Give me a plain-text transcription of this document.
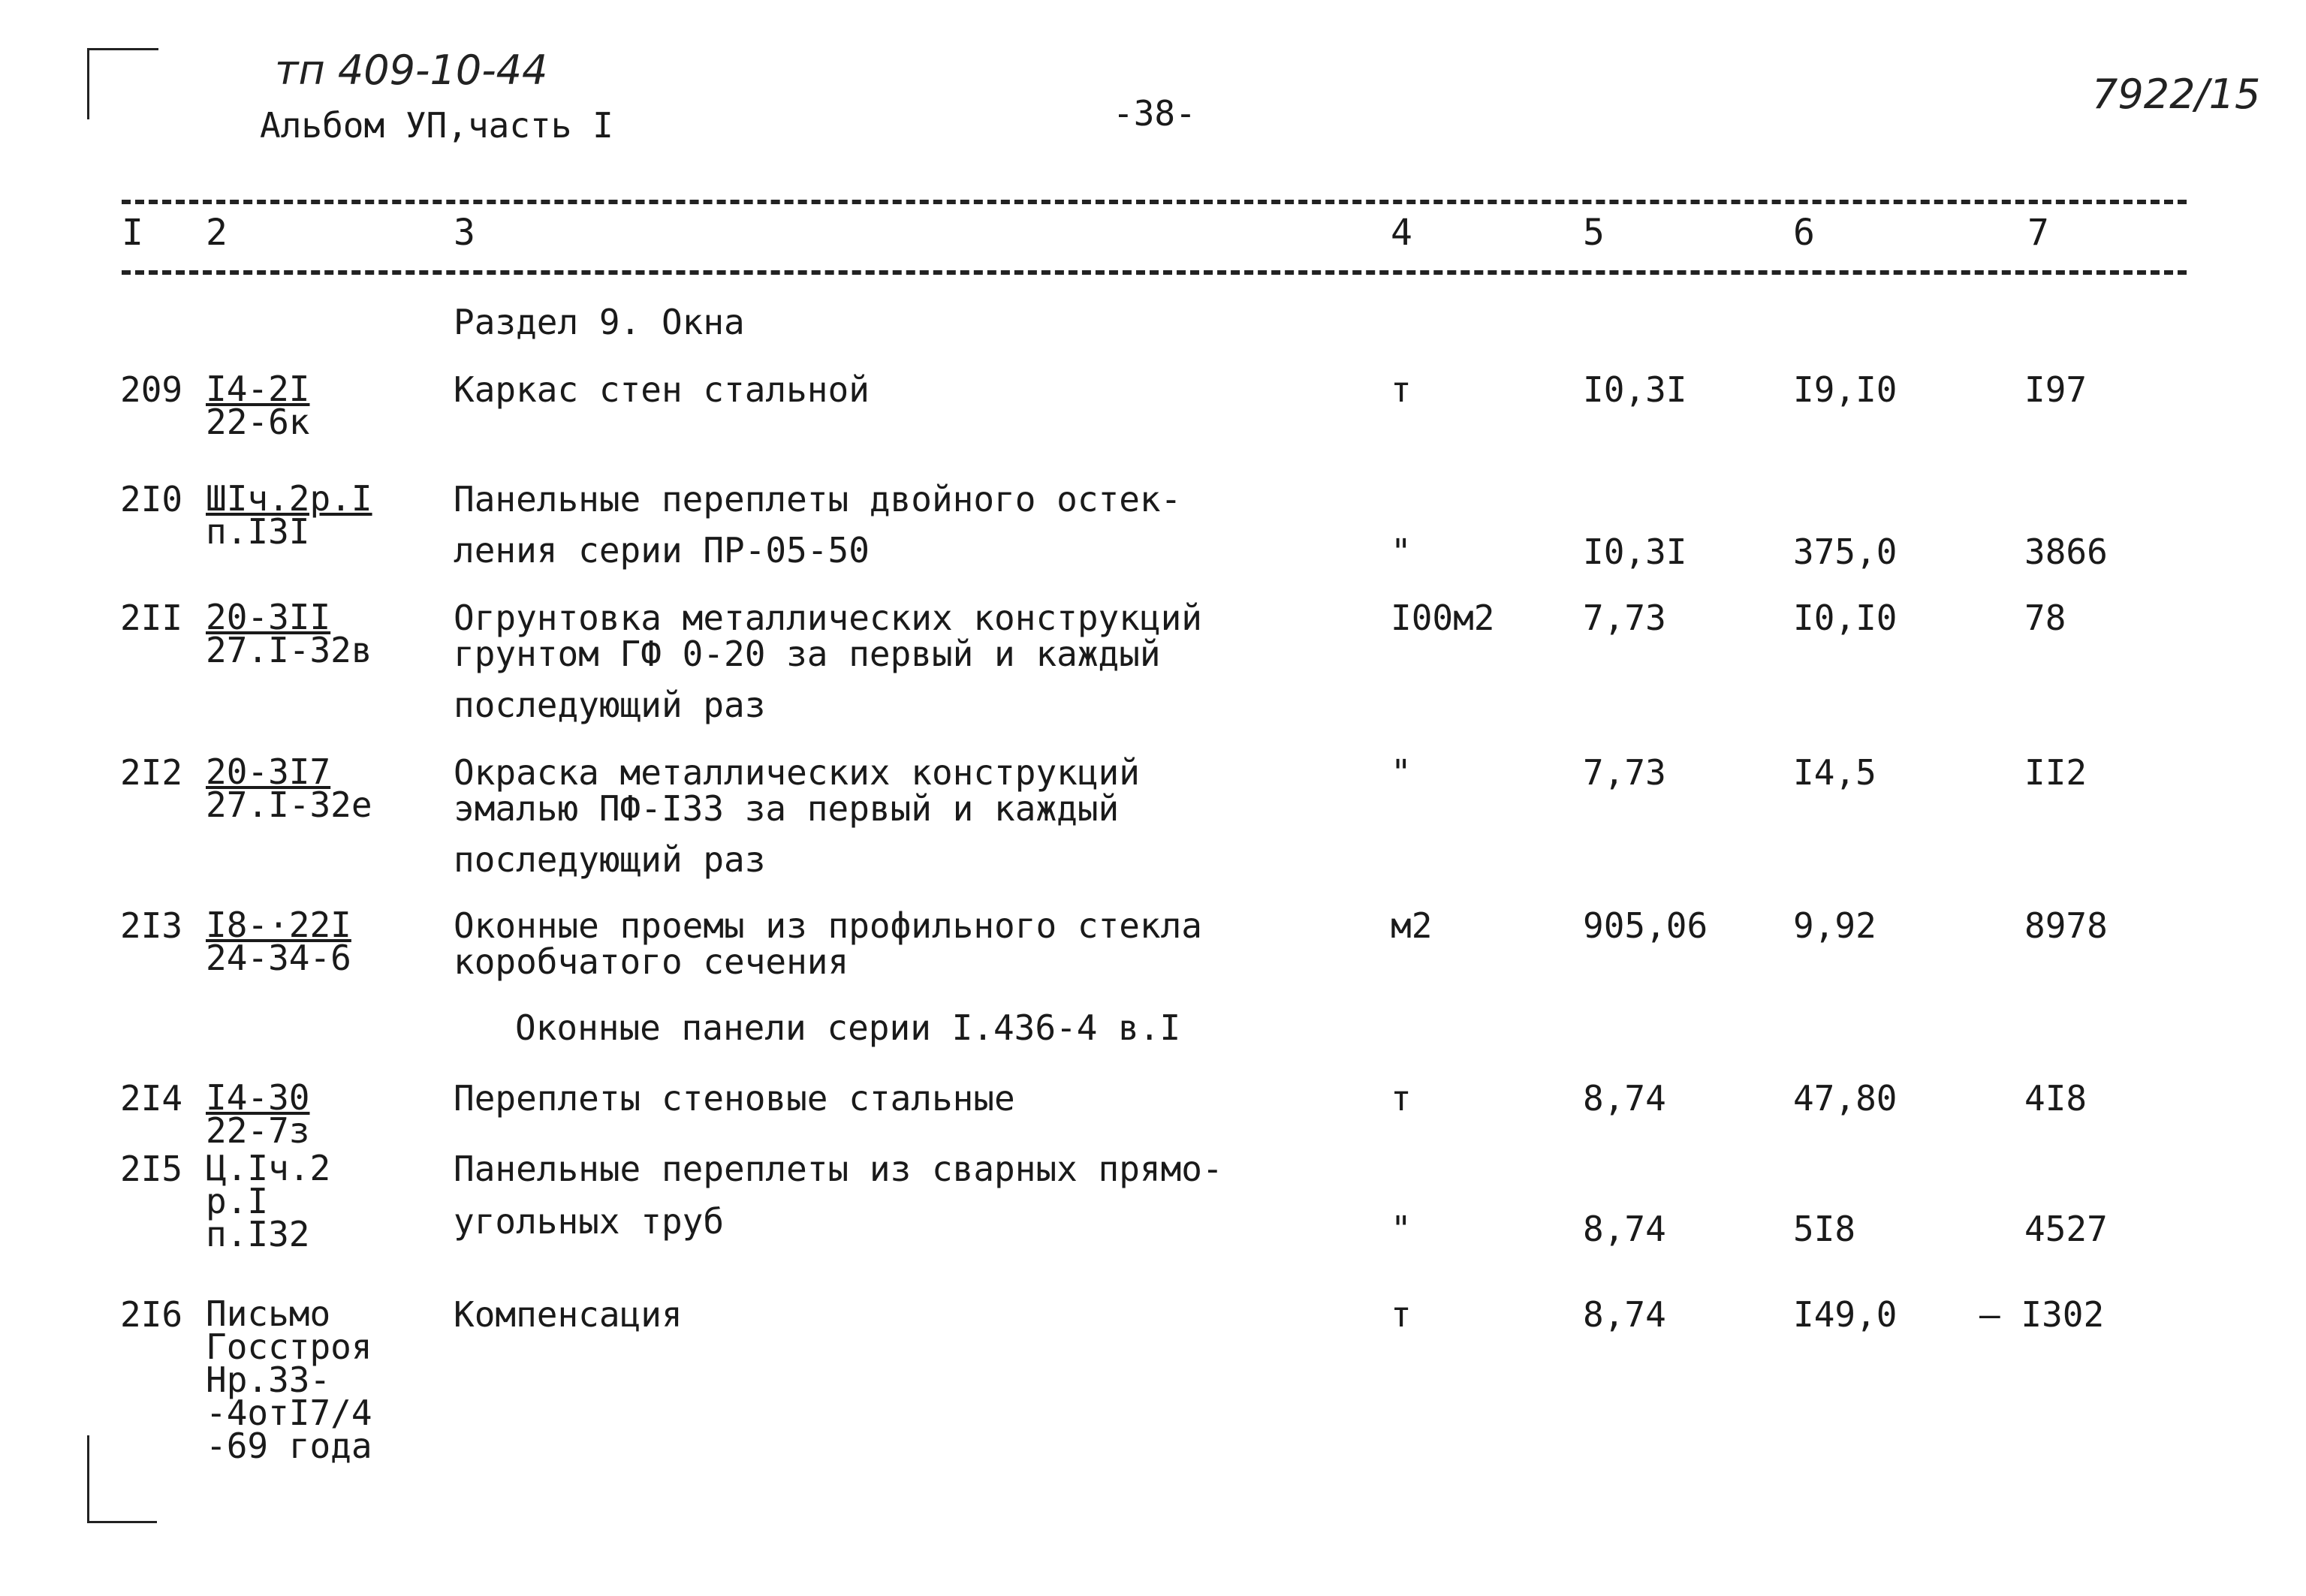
тп 409-10-44
Альбом УП,часть I	-38-	7922/15
I 2	3	4	5	6	7
Раздел 9. Окна
Оконные панели серии I.436-4 в.I
209 I4-2I
22-6к
Каркас стен стальной	т	I0,3I	I9,I0	I97
2I0 ШIч.2р.I
п.I3I
Панельные переплеты двойного остек-
ления серии ПР-05-50	"	I0,3I	375,0	3866
2II 20-3II
27.I-32в
Огрунтовка металлических конструкций
грунтом ГФ 0-20 за первый и каждый
последующий раз
I00м2	7,73	I0,I0	78
2I2 20-3I7
27.I-32е
Окраска металлических конструкций
эмалью ПФ-I33 за первый и каждый
последующий раз
"	7,73	I4,5	II2
2I3 I8-·22I
24-34-6
Оконные проемы из профильного стекла
коробчатого сечения
м2	905,06 9,92	8978
2I4 I4-30
22-7з
Переплеты стеновые стальные	т	8,74	47,80	4I8
2I5 Ц.Iч.2
р.I
п.I32
Панельные переплеты из сварных прямо-
угольных труб	"	8,74	5I8	4527
2I6 Письмо
Госстроя
Нр.33-
-4отI7/4
-69 года
Компенсация	т	8,74	I49,0 — I302
